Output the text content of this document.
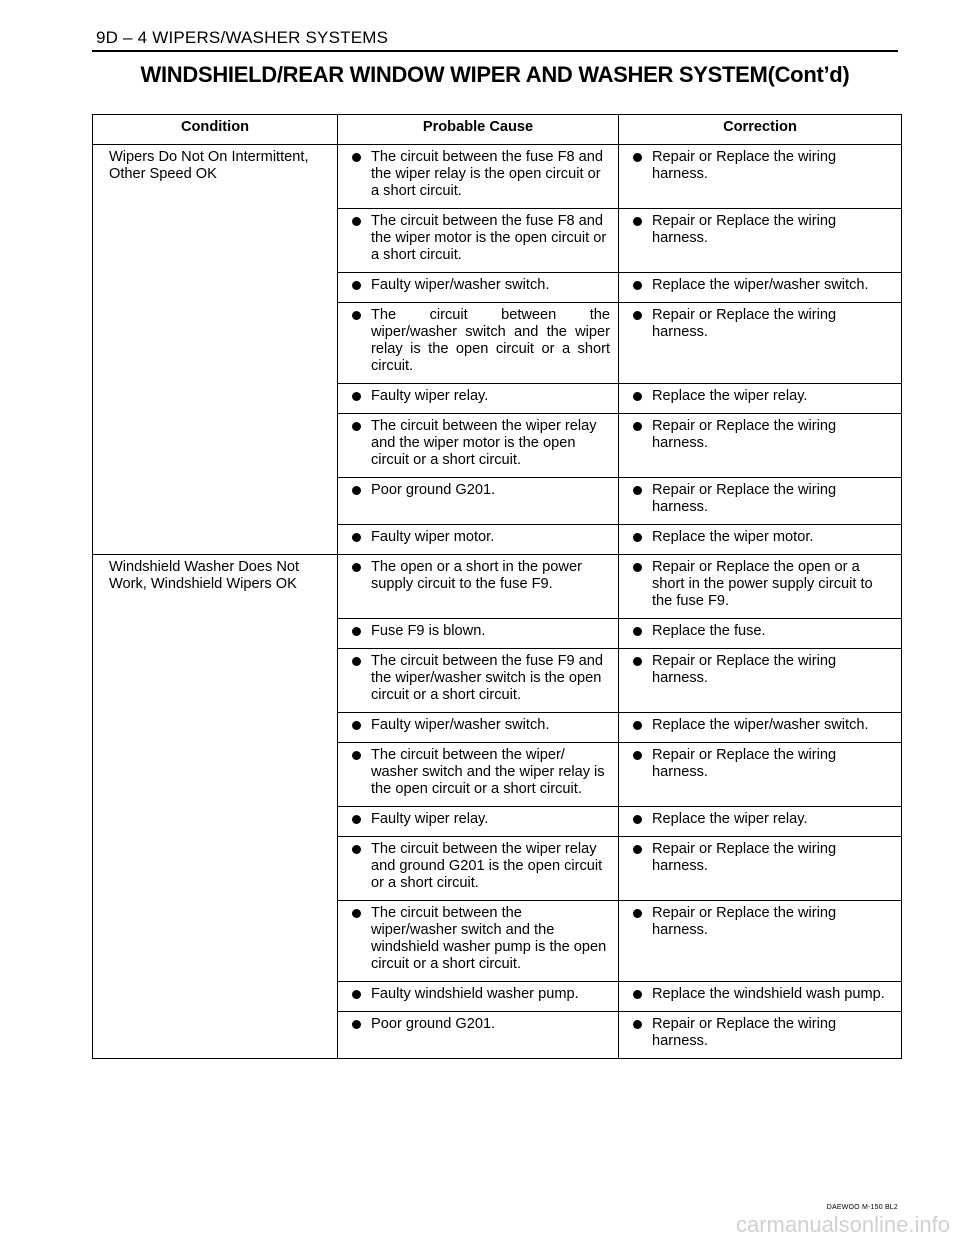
9D – 4 WIPERS/WASHER SYSTEMS
WINDSHIELD/REAR WINDOW WIPER AND WASHER SYSTEM(Cont’d)
Condition	Probable Cause	Correction
Wipers Do Not On Intermittent, Other Speed OK	The circuit between the fuse F8 and the wiper relay is the open circuit or a short circuit.	Repair or Replace the wiring harness.

	The circuit between the fuse F8 and the wiper motor is the open circuit or a short circuit.	Repair or Replace the wiring harness.

	Faulty wiper/washer switch.	Replace the wiper/washer switch.

	The circuit between the wiper/washer switch and the wiper relay is the open circuit or a short circuit.	Repair or Replace the wiring harness.

	Faulty wiper relay.	Replace the wiper relay.

	The circuit between the wiper relay and the wiper motor is the open circuit or a short circuit.	Repair or Replace the wiring harness.

	Poor ground G201.	Repair or Replace the wiring harness.

	Faulty wiper motor.	Replace the wiper motor.

Windshield Washer Does Not Work, Windshield Wipers OK	The open or a short in the power supply circuit to the fuse F9.	Repair or Replace the open or a short in the power supply circuit to the fuse F9.

	Fuse F9 is blown.	Replace the fuse.

	The circuit between the fuse F9 and the wiper/washer switch is the open circuit or a short circuit.	Repair or Replace the wiring harness.

	Faulty wiper/washer switch.	Replace the wiper/washer switch.

	The circuit between the wiper/ washer switch and the wiper relay is the open circuit or a short circuit.	Repair or Replace the wiring harness.

	Faulty wiper relay.	Replace the wiper relay.

	The circuit between the wiper relay and ground G201 is the open circuit or a short circuit.	Repair or Replace the wiring harness.

	The circuit between the wiper/washer switch and the windshield washer pump is the open circuit or a short circuit.	Repair or Replace the wiring harness.

	Faulty windshield washer pump.	Replace the windshield wash pump.

	Poor ground G201.	Repair or Replace the wiring harness.
DAEWOO M-150 BL2
carmanualsonline.info
